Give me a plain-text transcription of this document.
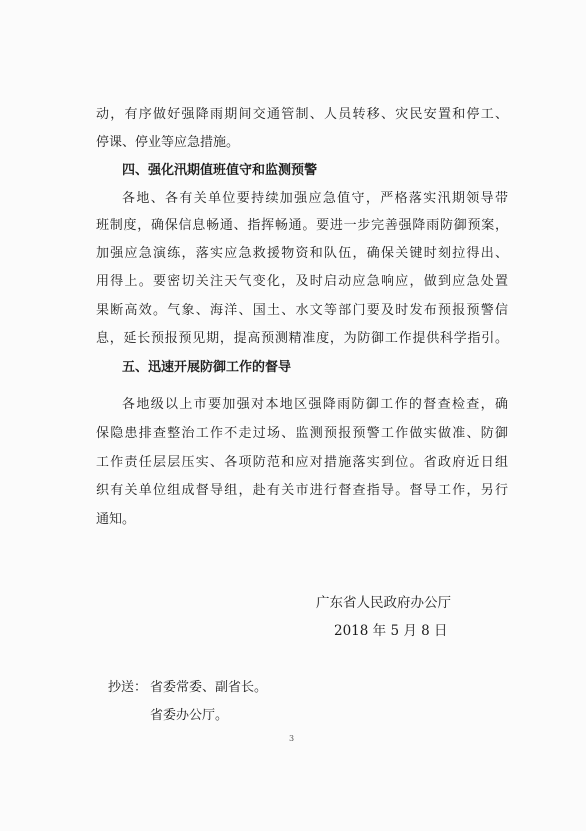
动，有序做好强降雨期间交通管制、人员转移、灾民安置和停工、
停课、停业等应急措施。
四、强化汛期值班值守和监测预警
各地、各有关单位要持续加强应急值守，严格落实汛期领导带
班制度，确保信息畅通、指挥畅通。要进一步完善强降雨防御预案，
加强应急演练，落实应急救援物资和队伍，确保关键时刻拉得出、
用得上。要密切关注天气变化，及时启动应急响应，做到应急处置
果断高效。气象、海洋、国土、水文等部门要及时发布预报预警信
息，延长预报预见期，提高预测精准度，为防御工作提供科学指引。
五、迅速开展防御工作的督导
各地级以上市要加强对本地区强降雨防御工作的督查检查，确
保隐患排查整治工作不走过场、监测预报预警工作做实做准、防御
工作责任层层压实、各项防范和应对措施落实到位。省政府近日组
织有关单位组成督导组，赴有关市进行督查指导。督导工作，另行
通知。
广东省人民政府办公厅
2018 年 5 月 8 日
抄送： 省委常委、副省长。
省委办公厅。
3
